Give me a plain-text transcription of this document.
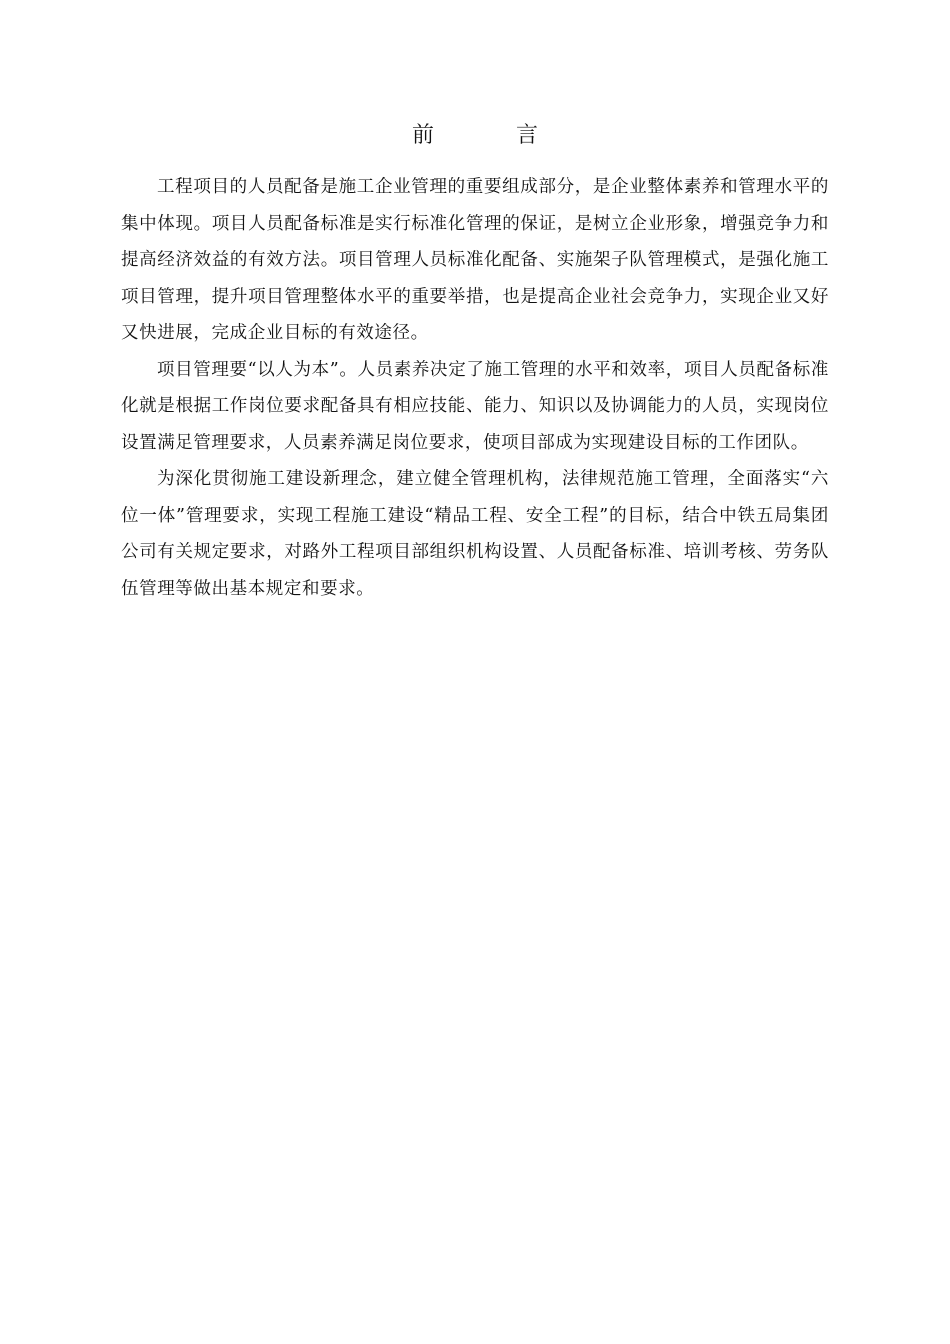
前　言

工程项目的人员配备是施工企业管理的重要组成部分，是企业整体素养和管理水平的集中体现。项目人员配备标准是实行标准化管理的保证，是树立企业形象，增强竞争力和提高经济效益的有效方法。项目管理人员标准化配备、实施架子队管理模式，是强化施工项目管理，提升项目管理整体水平的重要举措，也是提高企业社会竞争力，实现企业又好又快进展，完成企业目标的有效途径。

项目管理要“以人为本”。人员素养决定了施工管理的水平和效率，项目人员配备标准化就是根据工作岗位要求配备具有相应技能、能力、知识以及协调能力的人员，实现岗位设置满足管理要求，人员素养满足岗位要求，使项目部成为实现建设目标的工作团队。

为深化贯彻施工建设新理念，建立健全管理机构，法律规范施工管理，全面落实“六位一体”管理要求，实现工程施工建设“精品工程、安全工程”的目标，结合中铁五局集团公司有关规定要求，对路外工程项目部组织机构设置、人员配备标准、培训考核、劳务队伍管理等做出基本规定和要求。
